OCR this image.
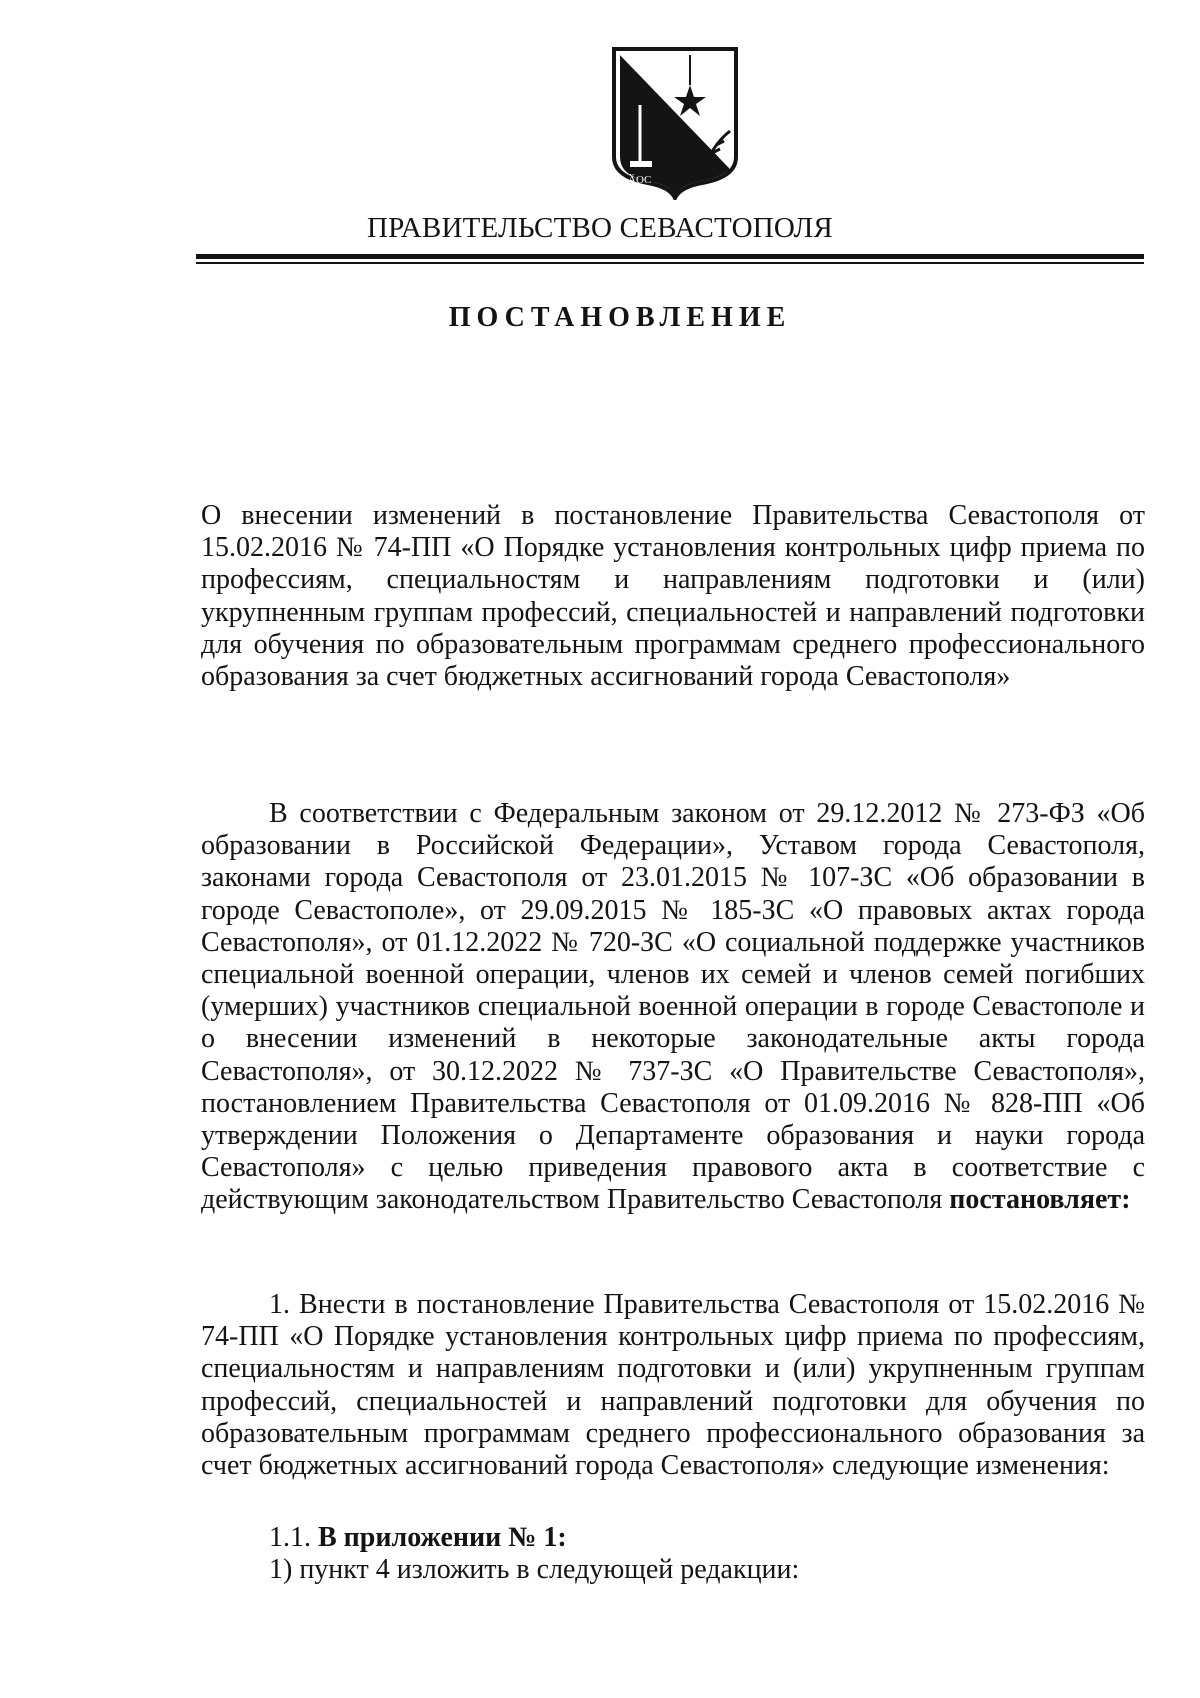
ӐОС
ПРАВИТЕЛЬСТВО СЕВАСТОПОЛЯ
ПОСТАНОВЛЕНИЕ

О внесении изменений в постановление Правительства Севастополя от 15.02.2016 № 74-ПП «О Порядке установления контрольных цифр приема по профессиям, специальностям и направлениям подготовки и (или) укрупненным группам профессий, специальностей и направлений подготовки для обучения по образовательным программам среднего профессионального образования за счет бюджетных ассигнований города Севастополя»

В соответствии с Федеральным законом от 29.12.2012 № 273-ФЗ «Об образовании в Российской Федерации», Уставом города Севастополя, законами города Севастополя от 23.01.2015 № 107-ЗС «Об образовании в городе Севастополе», от 29.09.2015 № 185-ЗС «О правовых актах города Севастополя», от 01.12.2022 № 720-ЗС «О социальной поддержке участников специальной военной операции, членов их семей и членов семей погибших (умерших) участников специальной военной операции в городе Севастополе и о внесении изменений в некоторые законодательные акты города Севастополя», от 30.12.2022 № 737-ЗС «О Правительстве Севастополя», постановлением Правительства Севастополя от 01.09.2016 № 828-ПП «Об утверждении Положения о Департаменте образования и науки города Севастополя» с целью приведения правового акта в соответствие с действующим законодательством Правительство Севастополя постановляет:

1. Внести в постановление Правительства Севастополя от 15.02.2016 № 74-ПП «О Порядке установления контрольных цифр приема по профессиям, специальностям и направлениям подготовки и (или) укрупненным группам профессий, специальностей и направлений подготовки для обучения по образовательным программам среднего профессионального образования за счет бюджетных ассигнований города Севастополя» следующие изменения:

1.1. В приложении № 1:
1) пункт 4 изложить в следующей редакции:
